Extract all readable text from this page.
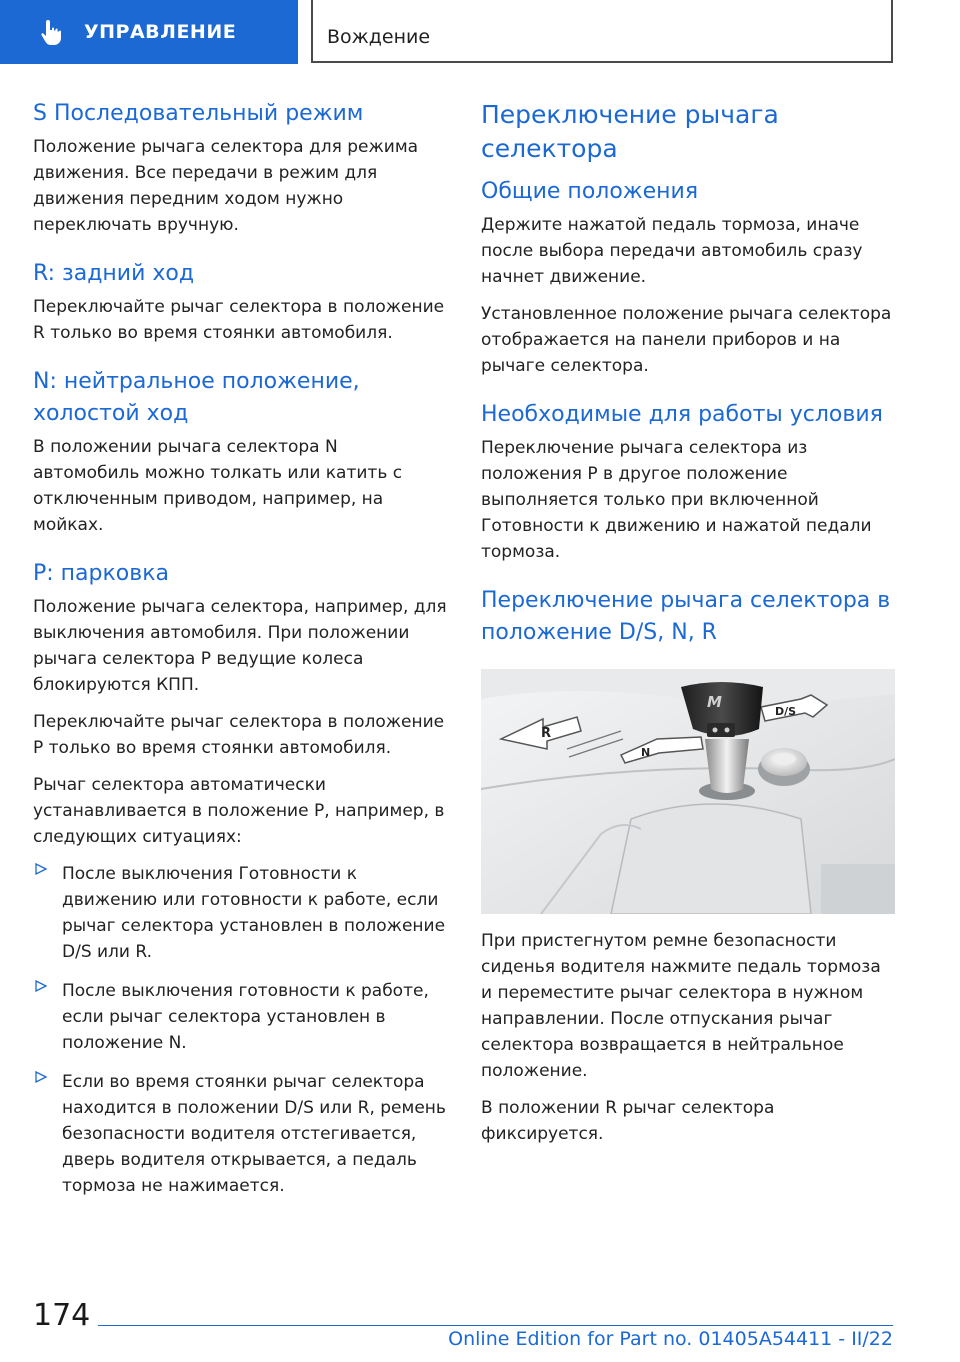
УПРАВЛЕНИЕ	Вождение
S Последовательный режим

Положение рычага селектора для режима движения. Все передачи в режим для движения передним ходом нужно переключать вручную.

R: задний ход

Переключайте рычаг селектора в положение R только во время стоянки автомобиля.

N: нейтральное положение, холостой ход

В положении рычага селектора N автомобиль можно толкать или катить с отключенным приводом, например, на мойках.

P: парковка

Положение рычага селектора, например, для выключения автомобиля. При положении рычага селектора P ведущие колеса блокируются КПП.

Переключайте рычаг селектора в положение P только во время стоянки автомобиля.

Рычаг селектора автоматически устанавливается в положение P, например, в следующих ситуациях:

После выключения Готовности к движению или готовности к работе, если рычаг селектора установлен в положение D/S или R.
После выключения готовности к работе, если рычаг селектора установлен в положение N.
Если во время стоянки рычаг селектора находится в положении D/S или R, ремень безопасности водителя отстегивается, дверь водителя открывается, а педаль тормоза не нажимается.
Переключение рычага селектора
Общие положения

Держите нажатой педаль тормоза, иначе после выбора передачи автомобиль сразу начнет движение.

Установленное положение рычага селектора отображается на панели приборов и на рычаге селектора.

Необходимые для работы условия

Переключение рычага селектора из положения P в другое положение выполняется только при включенной Готовности к движению и нажатой педали тормоза.

Переключение рычага селектора в положение D/S, N, R
R
N
D/S
M

При пристегнутом ремне безопасности сиденья водителя нажмите педаль тормоза и переместите рычаг селектора в нужном направлении. После отпускания рычаг селектора возвращается в нейтральное положение.

В положении R рычаг селектора фиксируется.

174
Online Edition for Part no. 01405A54411 - II/22
